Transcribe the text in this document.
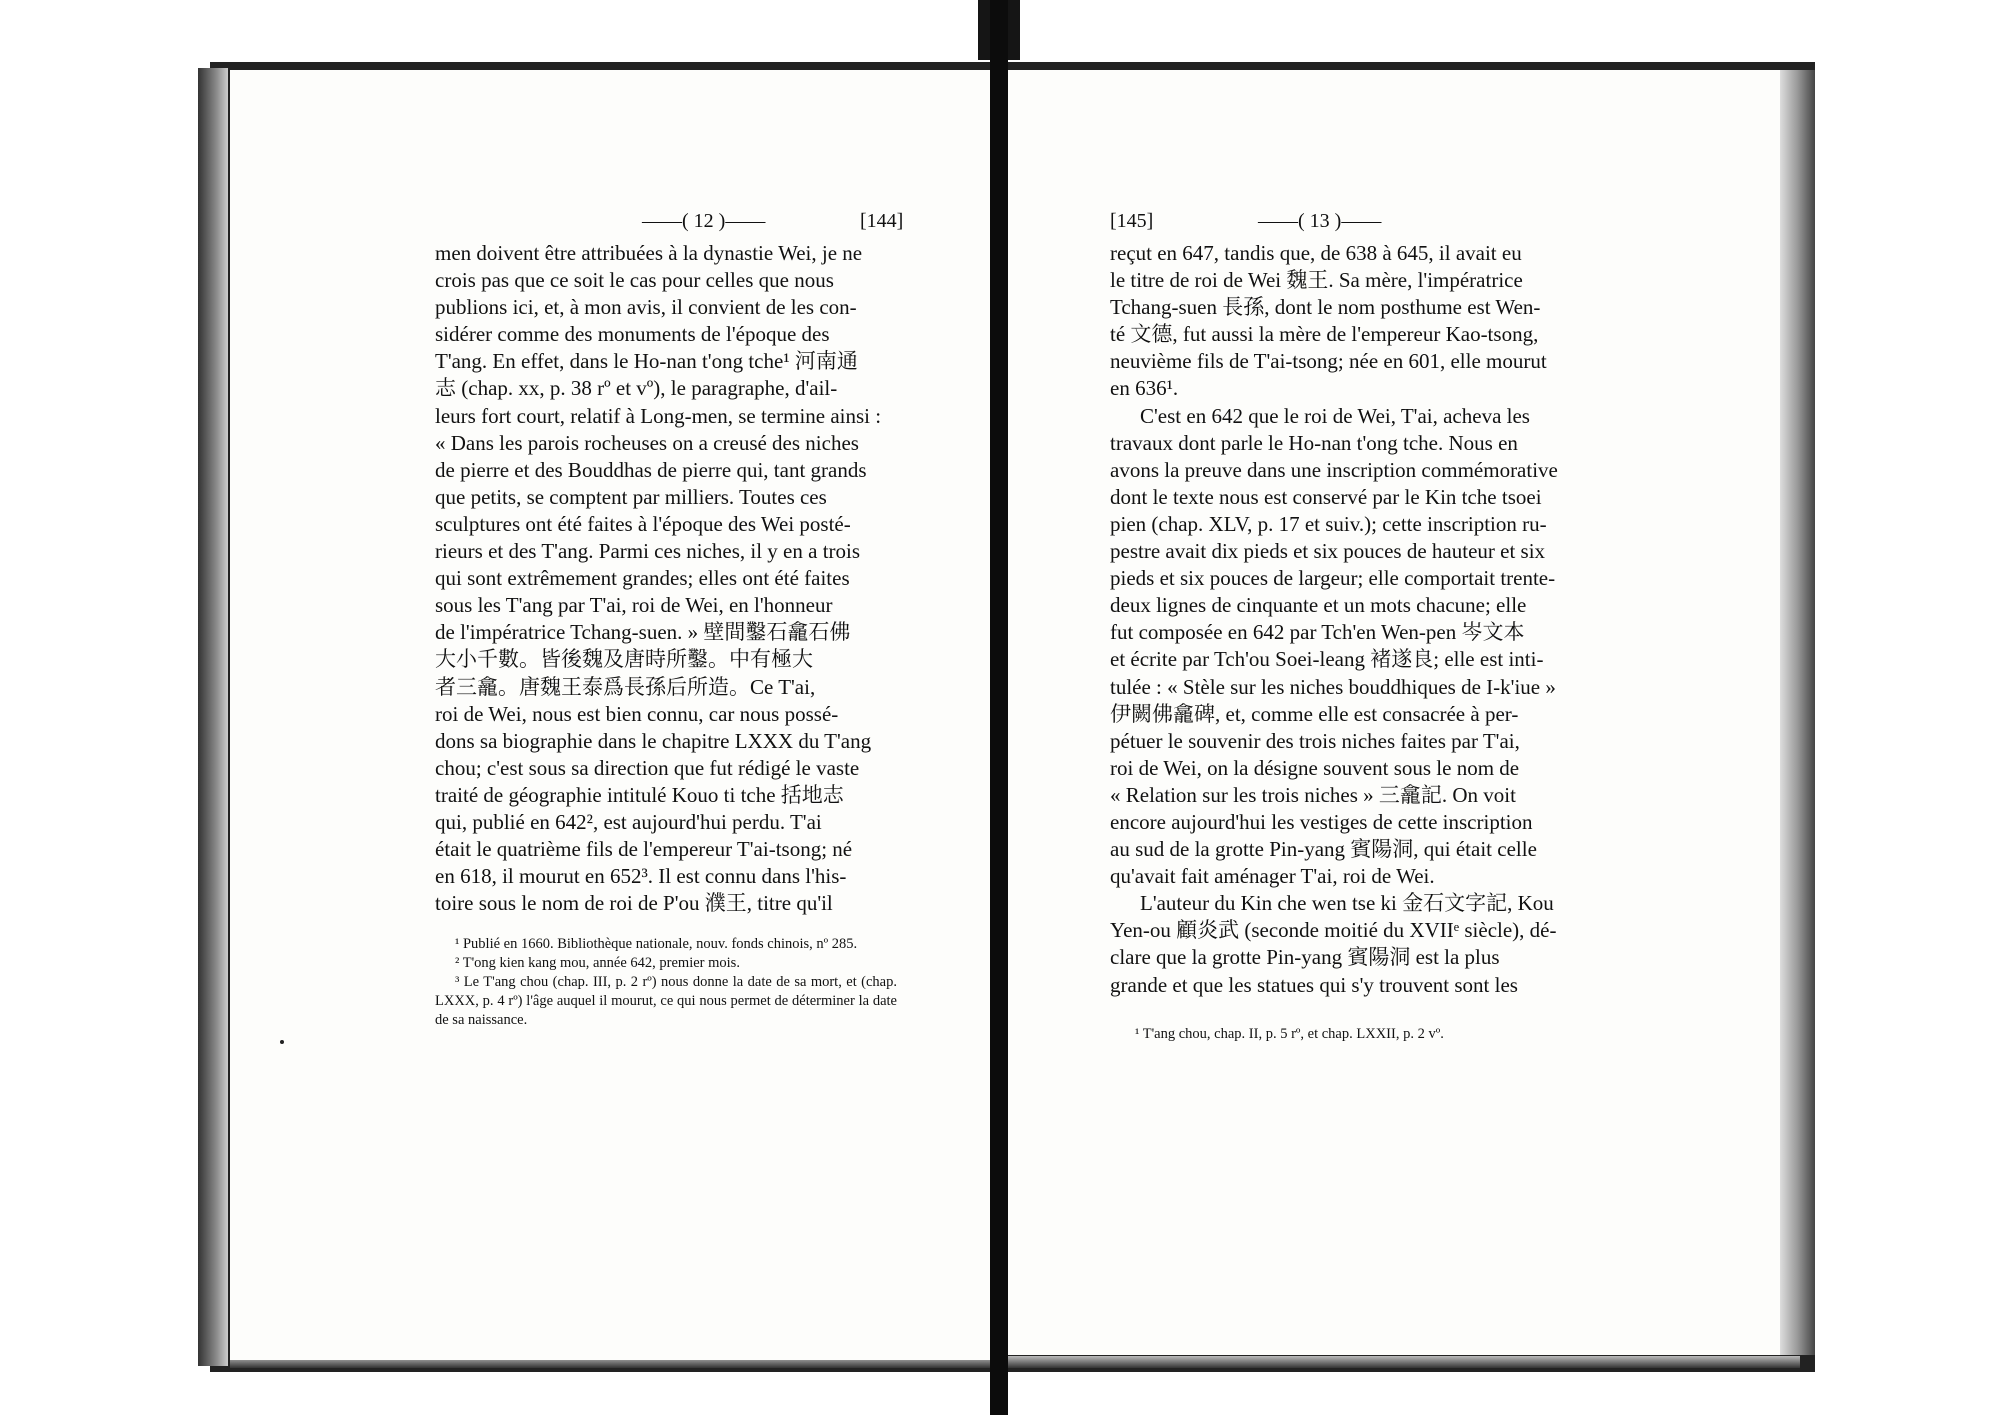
——( 12 )——	[144]	[145]	——( 13 )——

men doivent être attribuées à la dynastie Wei, je ne

crois pas que ce soit le cas pour celles que nous

publions ici, et, à mon avis, il convient de les con-

sidérer comme des monuments de l'époque des

T'ang. En effet, dans le Ho-nan t'ong tche¹ 河南通

志 (chap. xx, p. 38 rº et vº), le paragraphe, d'ail-

leurs fort court, relatif à Long-men, se termine ainsi :

« Dans les parois rocheuses on a creusé des niches

de pierre et des Bouddhas de pierre qui, tant grands

que petits, se comptent par milliers. Toutes ces

sculptures ont été faites à l'époque des Wei posté-

rieurs et des T'ang. Parmi ces niches, il y en a trois

qui sont extrêmement grandes; elles ont été faites

sous les T'ang par T'ai, roi de Wei, en l'honneur

de l'impératrice Tchang-suen. » 壁間鑿石龕石佛

大小千數。皆後魏及唐時所鑿。中有極大

者三龕。唐魏王泰爲長孫后所造。Ce T'ai,

roi de Wei, nous est bien connu, car nous possé-

dons sa biographie dans le chapitre LXXX du T'ang

chou; c'est sous sa direction que fut rédigé le vaste

traité de géographie intitulé Kouo ti tche 括地志

qui, publié en 642², est aujourd'hui perdu. T'ai

était le quatrième fils de l'empereur T'ai-tsong; né

en 618, il mourut en 652³. Il est connu dans l'his-

toire sous le nom de roi de P'ou 濮王, titre qu'il

¹ Publié en 1660. Bibliothèque nationale, nouv. fonds chinois, nº 285.

² T'ong kien kang mou, année 642, premier mois.

³ Le T'ang chou (chap. III, p. 2 rº) nous donne la date de sa mort, et (chap. LXXX, p. 4 rº) l'âge auquel il mourut, ce qui nous permet de déterminer la date de sa naissance.

reçut en 647, tandis que, de 638 à 645, il avait eu

le titre de roi de Wei 魏王. Sa mère, l'impératrice

Tchang-suen 長孫, dont le nom posthume est Wen-

té 文德, fut aussi la mère de l'empereur Kao-tsong,

neuvième fils de T'ai-tsong; née en 601, elle mourut

en 636¹.

C'est en 642 que le roi de Wei, T'ai, acheva les

travaux dont parle le Ho-nan t'ong tche. Nous en

avons la preuve dans une inscription commémorative

dont le texte nous est conservé par le Kin tche tsoei

pien (chap. XLV, p. 17 et suiv.); cette inscription ru-

pestre avait dix pieds et six pouces de hauteur et six

pieds et six pouces de largeur; elle comportait trente-

deux lignes de cinquante et un mots chacune; elle

fut composée en 642 par Tch'en Wen-pen 岑文本

et écrite par Tch'ou Soei-leang 褚遂良; elle est inti-

tulée : « Stèle sur les niches bouddhiques de I-k'iue »

伊闕佛龕碑, et, comme elle est consacrée à per-

pétuer le souvenir des trois niches faites par T'ai,

roi de Wei, on la désigne souvent sous le nom de

« Relation sur les trois niches » 三龕記. On voit

encore aujourd'hui les vestiges de cette inscription

au sud de la grotte Pin-yang 賓陽洞, qui était celle

qu'avait fait aménager T'ai, roi de Wei.

L'auteur du Kin che wen tse ki 金石文字記, Kou

Yen-ou 顧炎武 (seconde moitié du XVIIᵉ siècle), dé-

clare que la grotte Pin-yang 賓陽洞 est la plus

grande et que les statues qui s'y trouvent sont les

¹ T'ang chou, chap. II, p. 5 rº, et chap. LXXII, p. 2 vº.
